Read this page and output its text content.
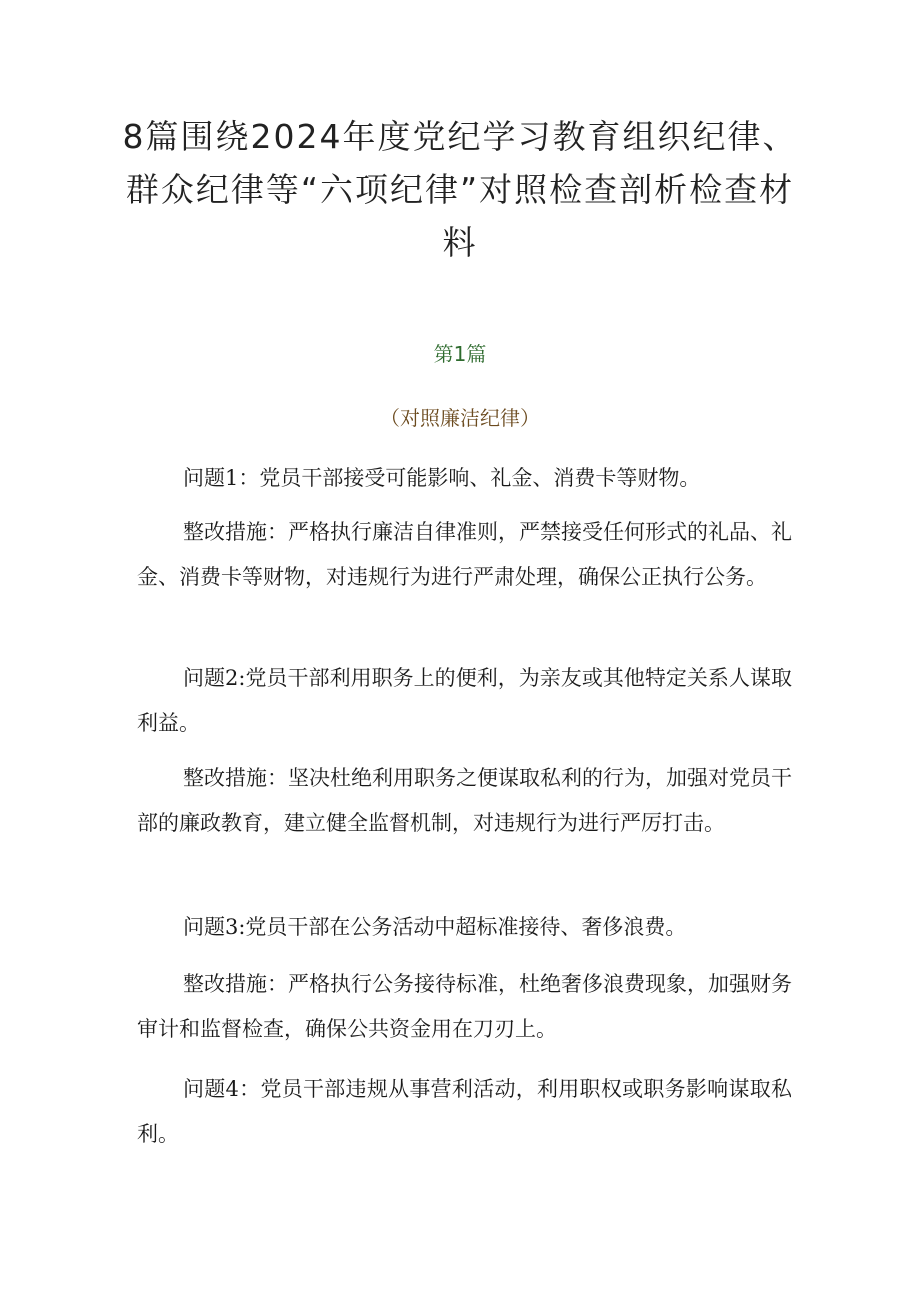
8篇围绕2024年度党纪学习教育组织纪律、群众纪律等“六项纪律”对照检查剖析检查材料
第1篇
（对照廉洁纪律）

问题1：党员干部接受可能影响、礼金、消费卡等财物。

整改措施：严格执行廉洁自律准则，严禁接受任何形式的礼品、礼金、消费卡等财物，对违规行为进行严肃处理，确保公正执行公务。

问题2:党员干部利用职务上的便利，为亲友或其他特定关系人谋取利益。

整改措施：坚决杜绝利用职务之便谋取私利的行为，加强对党员干部的廉政教育，建立健全监督机制，对违规行为进行严厉打击。

问题3:党员干部在公务活动中超标准接待、奢侈浪费。

整改措施：严格执行公务接待标准，杜绝奢侈浪费现象，加强财务审计和监督检查，确保公共资金用在刀刃上。

问题4：党员干部违规从事营利活动，利用职权或职务影响谋取私利。
